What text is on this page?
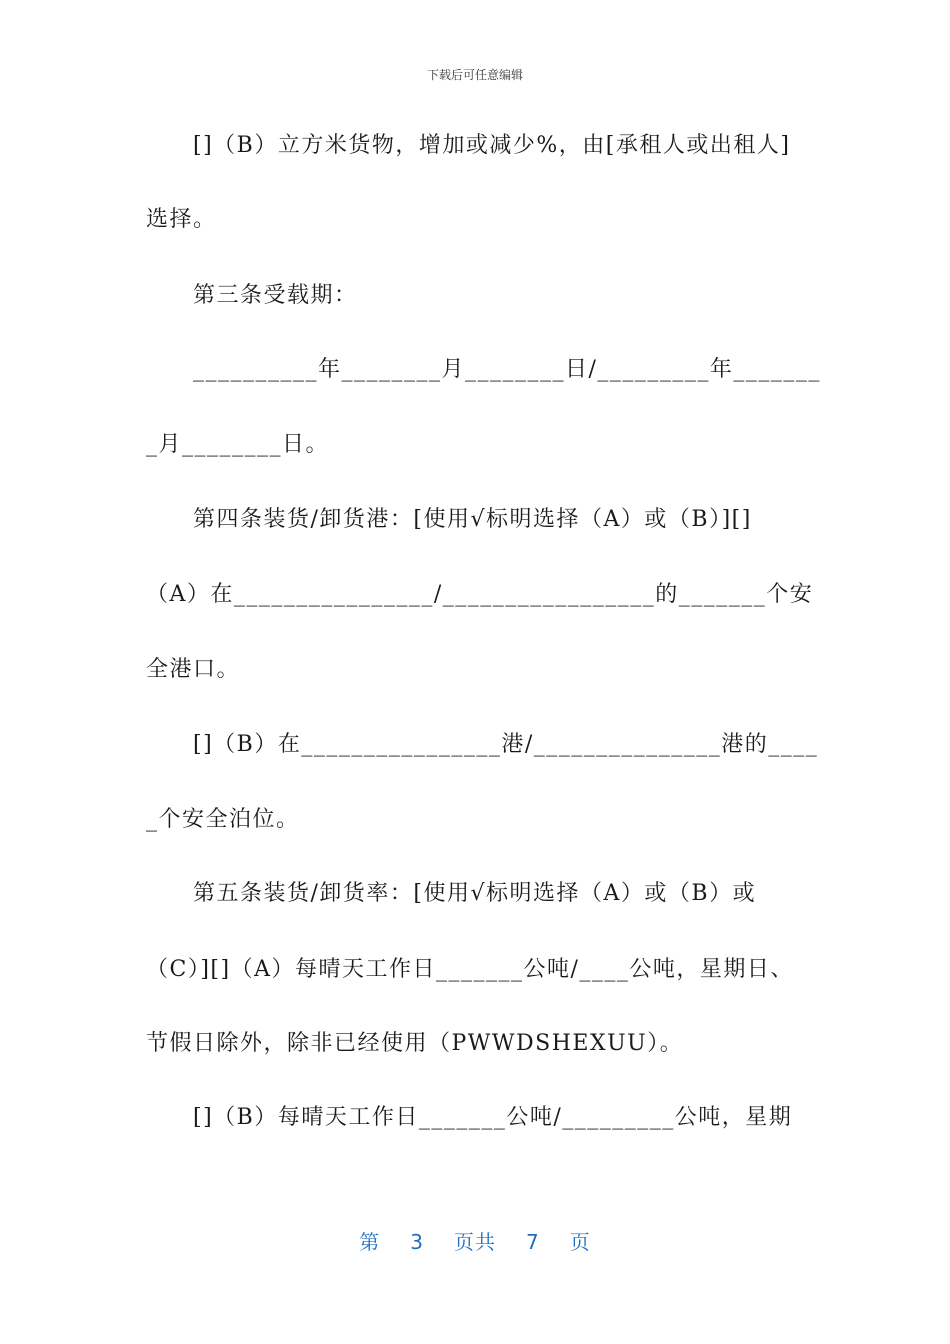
下载后可任意编辑
[]（B）立方米货物，增加或减少%，由[承租人或出租人]
选择。
第三条受载期：
__________年________月________日/_________年_______
_月________日。
第四条装货/卸货港：[使用√标明选择（A）或（B）][]
（A）在________________/_________________的_______个安
全港口。
[]（B）在________________港/_______________港的____
_个安全泊位。
第五条装货/卸货率：[使用√标明选择（A）或（B）或
（C）][]（A）每晴天工作日_______公吨/____公吨，星期日、
节假日除外，除非已经使用（PWWDSHEXUU）。
[]（B）每晴天工作日_______公吨/_________公吨，星期
第 3 页共 7 页
